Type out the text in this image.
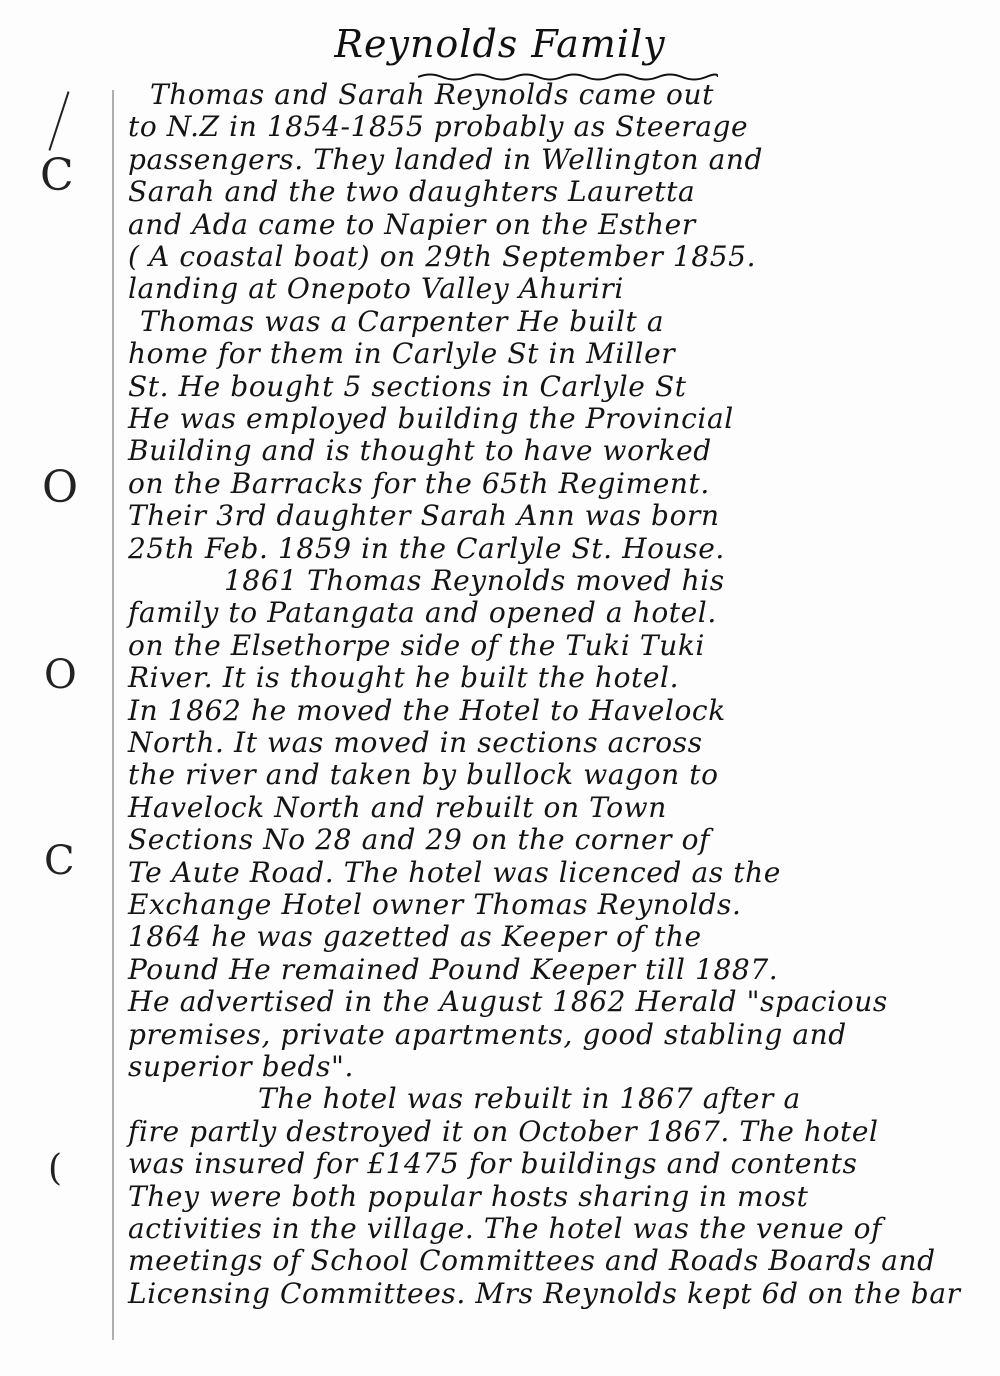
C
O
O
C
(
Reynolds Family
Thomas and Sarah Reynolds came out
to N.Z in 1854-1855 probably as Steerage
passengers. They landed in Wellington and
Sarah and the two daughters Lauretta
and Ada came to Napier on the Esther
( A coastal boat) on 29th September 1855.
landing at Onepoto Valley Ahuriri
Thomas was a Carpenter He built a
home for them in Carlyle St in Miller
St. He bought 5 sections in Carlyle St
He was employed building the Provincial
Building and is thought to have worked
on the Barracks for the 65th Regiment.
Their 3rd daughter Sarah Ann was born
25th Feb. 1859 in the Carlyle St. House.
1861 Thomas Reynolds moved his
family to Patangata and opened a hotel.
on the Elsethorpe side of the Tuki Tuki
River. It is thought he built the hotel.
In 1862 he moved the Hotel to Havelock
North. It was moved in sections across
the river and taken by bullock wagon to
Havelock North and rebuilt on Town
Sections No 28 and 29 on the corner of
Te Aute Road. The hotel was licenced as the
Exchange Hotel owner Thomas Reynolds.
1864 he was gazetted as Keeper of the
Pound He remained Pound Keeper till 1887.
He advertised in the August 1862 Herald "spacious
premises, private apartments, good stabling and
superior beds".
The hotel was rebuilt in 1867 after a
fire partly destroyed it on October 1867. The hotel
was insured for £1475 for buildings and contents
They were both popular hosts sharing in most
activities in the village. The hotel was the venue of
meetings of School Committees and Roads Boards and
Licensing Committees. Mrs Reynolds kept 6d on the bar
